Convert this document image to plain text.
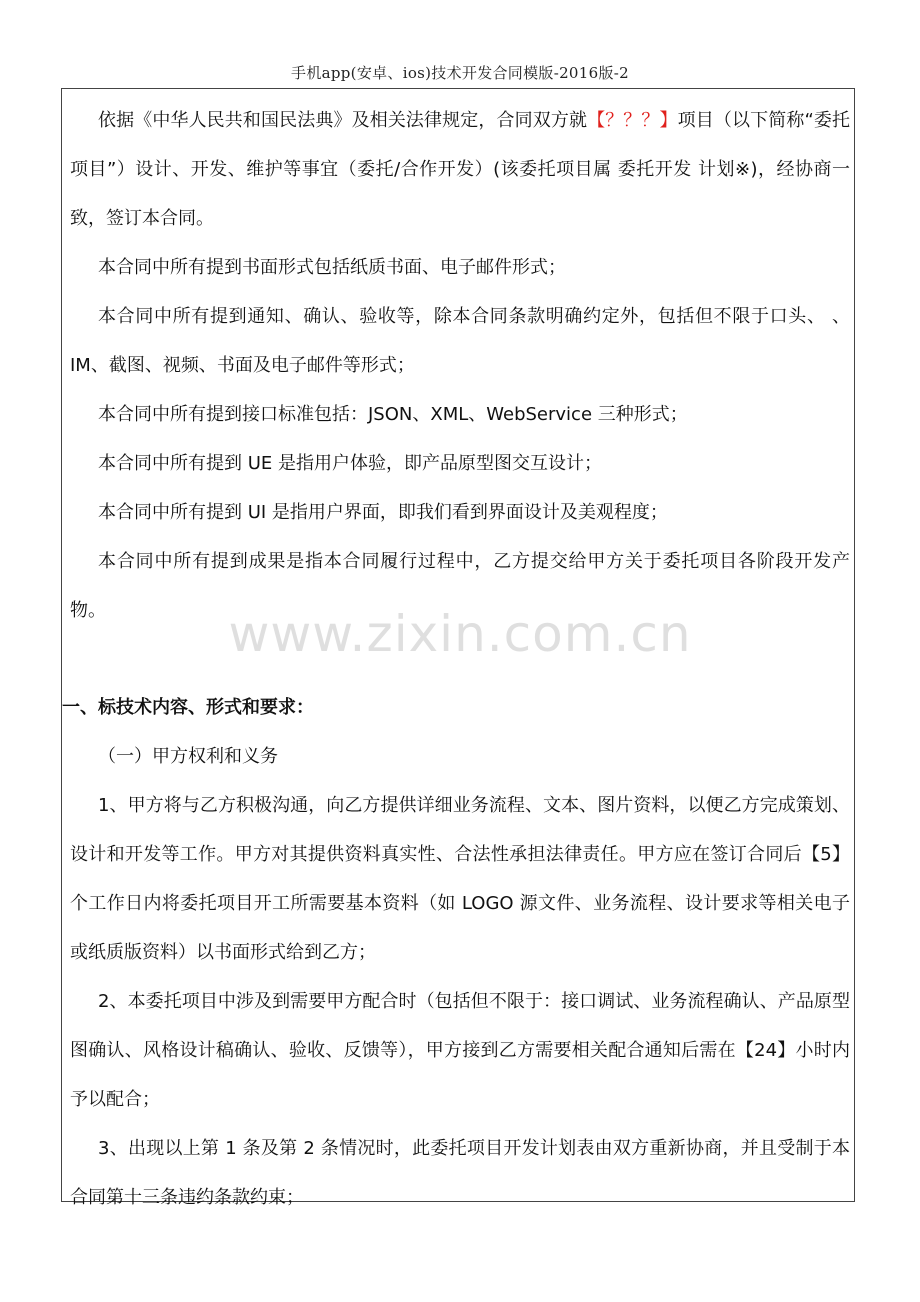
手机app(安卓、ios)技术开发合同模版-2016版-2
www.zixin.com.cn

依据《中华人民共和国民法典》及相关法律规定，合同双方就【？？？】项目（以下简称“委托项目”）设计、开发、维护等事宜（委托/合作开发）(该委托项目属 委托开发 计划※)，经协商一致，签订本合同。

本合同中所有提到书面形式包括纸质书面、电子邮件形式；

本合同中所有提到通知、确认、验收等，除本合同条款明确约定外，包括但不限于口头、 、IM、截图、视频、书面及电子邮件等形式；

本合同中所有提到接口标准包括：JSON、XML、WebService 三种形式；

本合同中所有提到 UE 是指用户体验，即产品原型图交互设计；

本合同中所有提到 UI 是指用户界面，即我们看到界面设计及美观程度；

本合同中所有提到成果是指本合同履行过程中，乙方提交给甲方关于委托项目各阶段开发产物。

一、标技术内容、形式和要求：

（一）甲方权利和义务

1、甲方将与乙方积极沟通，向乙方提供详细业务流程、文本、图片资料，以便乙方完成策划、设计和开发等工作。甲方对其提供资料真实性、合法性承担法律责任。甲方应在签订合同后【5】个工作日内将委托项目开工所需要基本资料（如 LOGO 源文件、业务流程、设计要求等相关电子或纸质版资料）以书面形式给到乙方；

2、本委托项目中涉及到需要甲方配合时（包括但不限于：接口调试、业务流程确认、产品原型图确认、风格设计稿确认、验收、反馈等），甲方接到乙方需要相关配合通知后需在【24】小时内予以配合；

3、出现以上第 1 条及第 2 条情况时，此委托项目开发计划表由双方重新协商，并且受制于本合同第十三条违约条款约束；
